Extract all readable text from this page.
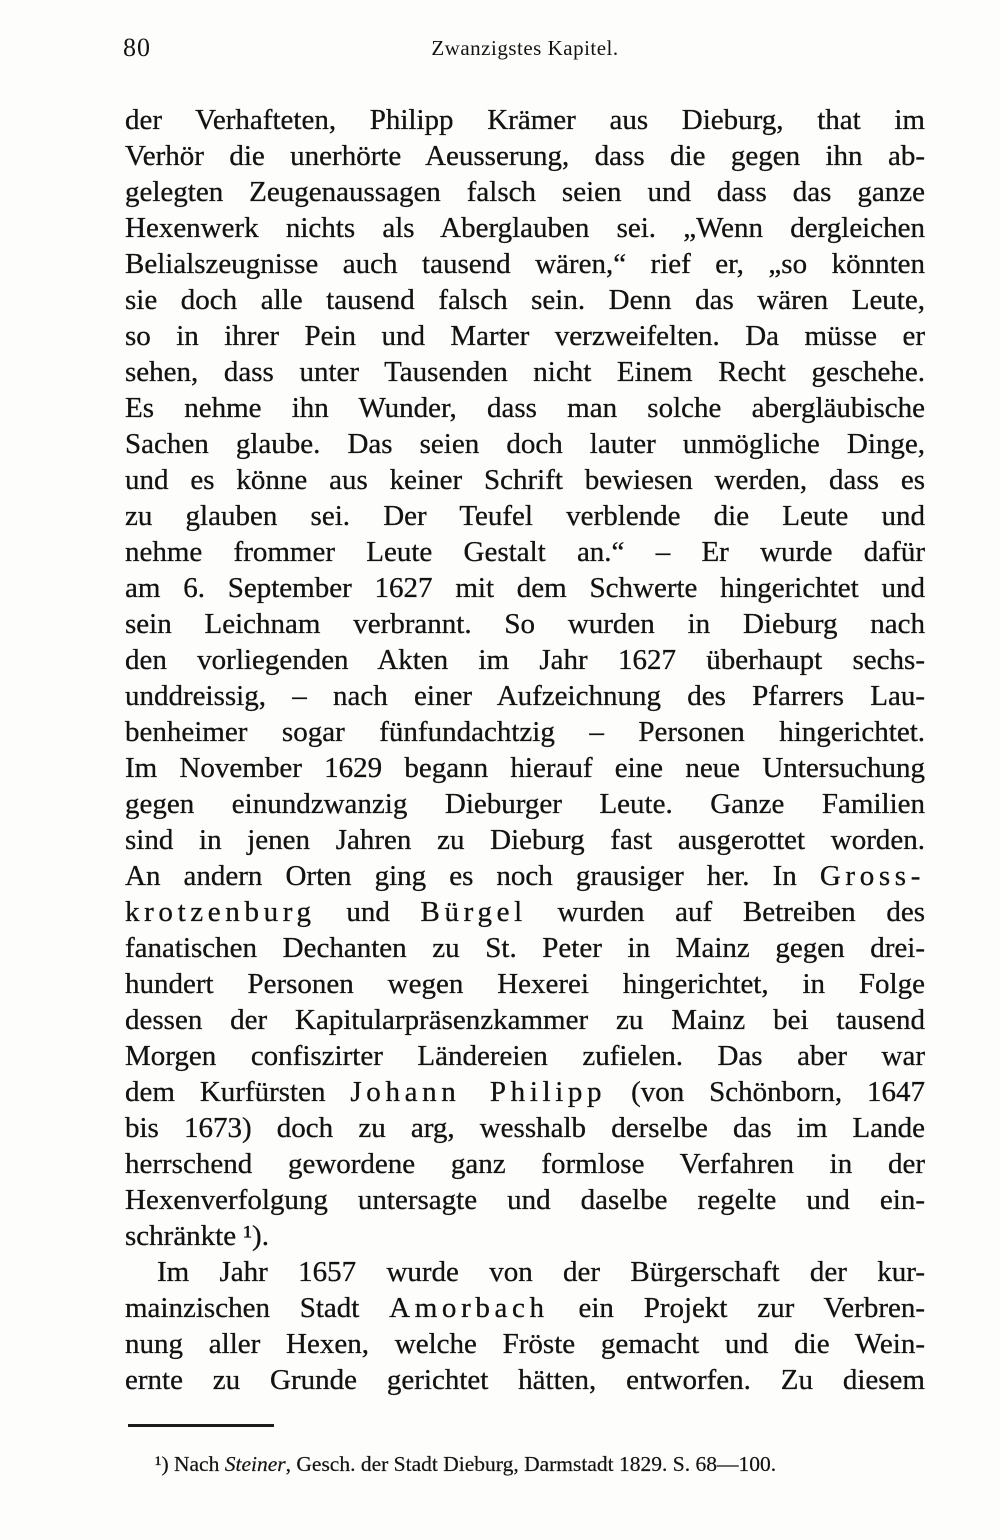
80	Zwanzigstes Kapitel.
der Verhafteten, Philipp Krämer aus Dieburg, that im
Verhör die unerhörte Aeusserung, dass die gegen ihn ab-
gelegten Zeugenaussagen falsch seien und dass das ganze
Hexenwerk nichts als Aberglauben sei. „Wenn dergleichen
Belialszeugnisse auch tausend wären,“ rief er, „so könnten
sie doch alle tausend falsch sein. Denn das wären Leute,
so in ihrer Pein und Marter verzweifelten. Da müsse er
sehen, dass unter Tausenden nicht Einem Recht geschehe.
Es nehme ihn Wunder, dass man solche abergläubische
Sachen glaube. Das seien doch lauter unmögliche Dinge,
und es könne aus keiner Schrift bewiesen werden, dass es
zu glauben sei. Der Teufel verblende die Leute und
nehme frommer Leute Gestalt an.“ – Er wurde dafür
am 6. September 1627 mit dem Schwerte hingerichtet und
sein Leichnam verbrannt. So wurden in Dieburg nach
den vorliegenden Akten im Jahr 1627 überhaupt sechs-
unddreissig, – nach einer Aufzeichnung des Pfarrers Lau-
benheimer sogar fünfundachtzig – Personen hingerichtet.
Im November 1629 begann hierauf eine neue Untersuchung
gegen einundzwanzig Dieburger Leute. Ganze Familien
sind in jenen Jahren zu Dieburg fast ausgerottet worden.
An andern Orten ging es noch grausiger her. In Gross-
krotzenburg und Bürgel wurden auf Betreiben des
fanatischen Dechanten zu St. Peter in Mainz gegen drei-
hundert Personen wegen Hexerei hingerichtet, in Folge
dessen der Kapitularpräsenzkammer zu Mainz bei tausend
Morgen confiszirter Ländereien zufielen. Das aber war
dem Kurfürsten Johann Philipp (von Schönborn, 1647
bis 1673) doch zu arg, wesshalb derselbe das im Lande
herrschend gewordene ganz formlose Verfahren in der
Hexenverfolgung untersagte und daselbe regelte und ein-
schränkte ¹).
Im Jahr 1657 wurde von der Bürgerschaft der kur-
mainzischen Stadt Amorbach ein Projekt zur Verbren-
nung aller Hexen, welche Fröste gemacht und die Wein-
ernte zu Grunde gerichtet hätten, entworfen. Zu diesem
¹) Nach Steiner, Gesch. der Stadt Dieburg, Darmstadt 1829. S. 68—100.
